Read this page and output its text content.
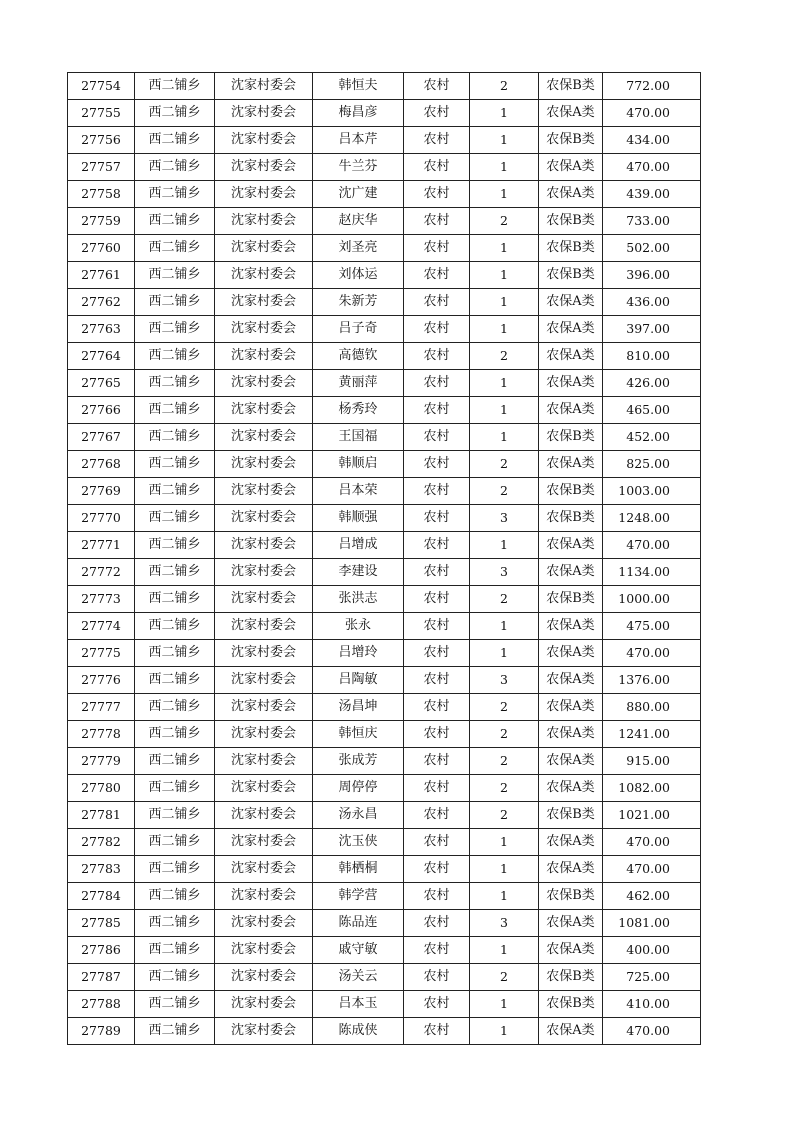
27754	西二铺乡	沈家村委会	韩恒夫	农村	2	农保B类	772.00
27755	西二铺乡	沈家村委会	梅昌彦	农村	1	农保A类	470.00
27756	西二铺乡	沈家村委会	吕本芹	农村	1	农保B类	434.00
27757	西二铺乡	沈家村委会	牛兰芬	农村	1	农保A类	470.00
27758	西二铺乡	沈家村委会	沈广建	农村	1	农保A类	439.00
27759	西二铺乡	沈家村委会	赵庆华	农村	2	农保B类	733.00
27760	西二铺乡	沈家村委会	刘圣亮	农村	1	农保B类	502.00
27761	西二铺乡	沈家村委会	刘体运	农村	1	农保B类	396.00
27762	西二铺乡	沈家村委会	朱新芳	农村	1	农保A类	436.00
27763	西二铺乡	沈家村委会	吕子奇	农村	1	农保A类	397.00
27764	西二铺乡	沈家村委会	高德钦	农村	2	农保A类	810.00
27765	西二铺乡	沈家村委会	黄丽萍	农村	1	农保A类	426.00
27766	西二铺乡	沈家村委会	杨秀玲	农村	1	农保A类	465.00
27767	西二铺乡	沈家村委会	王国福	农村	1	农保B类	452.00
27768	西二铺乡	沈家村委会	韩顺启	农村	2	农保A类	825.00
27769	西二铺乡	沈家村委会	吕本荣	农村	2	农保B类	1003.00
27770	西二铺乡	沈家村委会	韩顺强	农村	3	农保B类	1248.00
27771	西二铺乡	沈家村委会	吕增成	农村	1	农保A类	470.00
27772	西二铺乡	沈家村委会	李建设	农村	3	农保A类	1134.00
27773	西二铺乡	沈家村委会	张洪志	农村	2	农保B类	1000.00
27774	西二铺乡	沈家村委会	张永	农村	1	农保A类	475.00
27775	西二铺乡	沈家村委会	吕增玲	农村	1	农保A类	470.00
27776	西二铺乡	沈家村委会	吕陶敏	农村	3	农保A类	1376.00
27777	西二铺乡	沈家村委会	汤昌坤	农村	2	农保A类	880.00
27778	西二铺乡	沈家村委会	韩恒庆	农村	2	农保A类	1241.00
27779	西二铺乡	沈家村委会	张成芳	农村	2	农保A类	915.00
27780	西二铺乡	沈家村委会	周停停	农村	2	农保A类	1082.00
27781	西二铺乡	沈家村委会	汤永昌	农村	2	农保B类	1021.00
27782	西二铺乡	沈家村委会	沈玉侠	农村	1	农保A类	470.00
27783	西二铺乡	沈家村委会	韩栖桐	农村	1	农保A类	470.00
27784	西二铺乡	沈家村委会	韩学营	农村	1	农保B类	462.00
27785	西二铺乡	沈家村委会	陈品连	农村	3	农保A类	1081.00
27786	西二铺乡	沈家村委会	戚守敏	农村	1	农保A类	400.00
27787	西二铺乡	沈家村委会	汤关云	农村	2	农保B类	725.00
27788	西二铺乡	沈家村委会	吕本玉	农村	1	农保B类	410.00
27789	西二铺乡	沈家村委会	陈成侠	农村	1	农保A类	470.00
